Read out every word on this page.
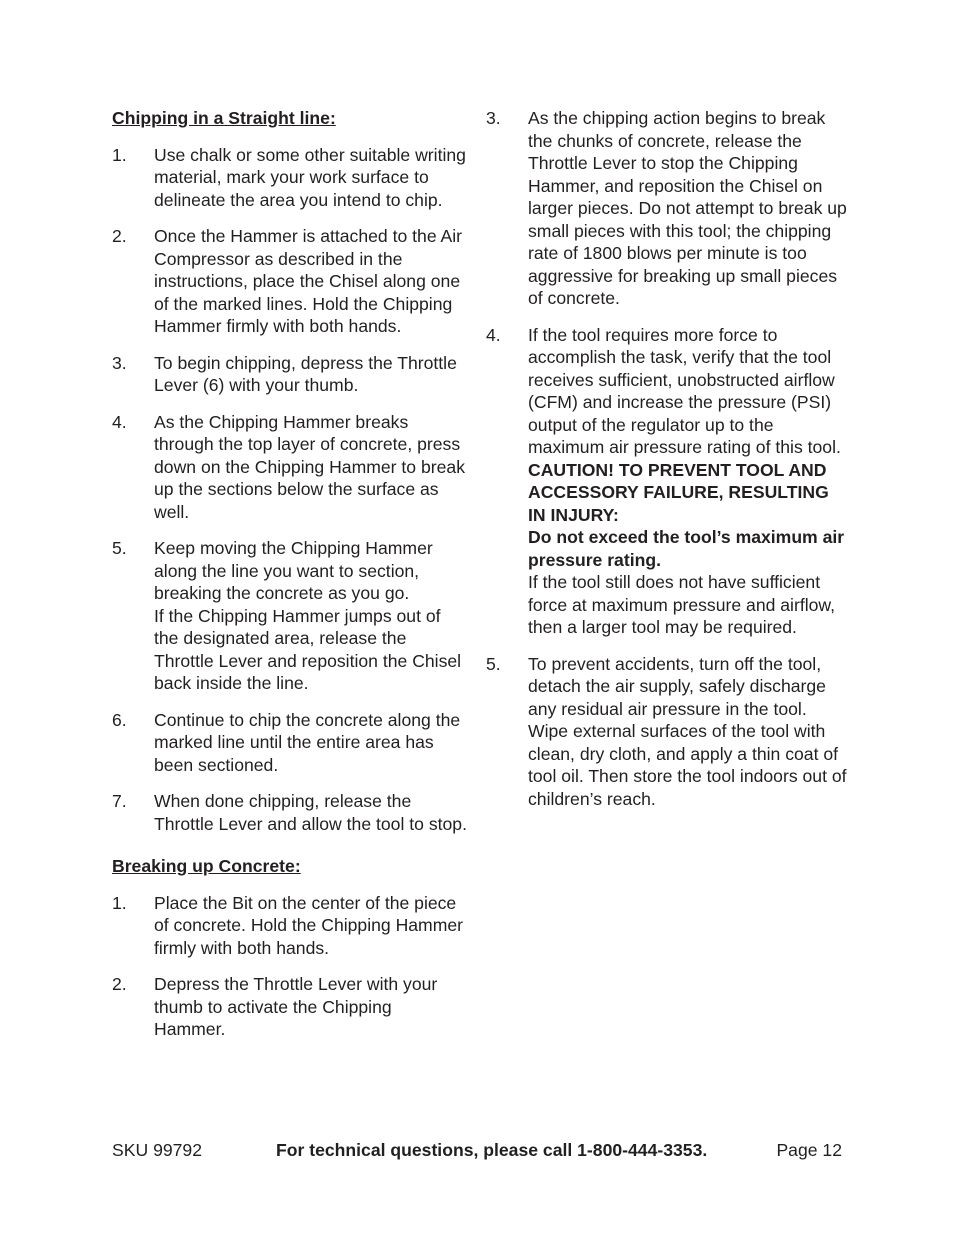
Chipping in a Straight line:

1. Use chalk or some other suitable writing material, mark your work surface to delineate the area you intend to chip.
2. Once the Hammer is attached to the Air Compressor as described in the instructions, place the Chisel along one of the marked lines. Hold the Chipping Hammer firmly with both hands.
3. To begin chipping, depress the Throttle Lever (6) with your thumb.
4. As the Chipping Hammer breaks through the top layer of concrete, press down on the Chipping Hammer to break up the sections below the surface as well.
5. Keep moving the Chipping Hammer along the line you want to section, breaking the concrete as you go.
If the Chipping Hammer jumps out of the designated area, release the Throttle Lever and reposition the Chisel back inside the line.
6. Continue to chip the concrete along the marked line until the entire area has been sectioned.
7. When done chipping, release the Throttle Lever and allow the tool to stop.

Breaking up Concrete:

1. Place the Bit on the center of the piece of concrete. Hold the Chipping Hammer firmly with both hands.
2. Depress the Throttle Lever with your thumb to activate the Chipping Hammer.
3. As the chipping action begins to break the chunks of concrete, release the Throttle Lever to stop the Chipping Hammer, and reposition the Chisel on larger pieces. Do not attempt to break up small pieces with this tool; the chipping rate of 1800 blows per minute is too aggressive for breaking up small pieces of concrete.
4. If the tool requires more force to accomplish the task, verify that the tool receives sufficient, unobstructed airflow (CFM) and increase the pressure (PSI) output of the regulator up to the maximum air pressure rating of this tool.
CAUTION! TO PREVENT TOOL AND ACCESSORY FAILURE, RESULTING IN INJURY:
Do not exceed the tool’s maximum air pressure rating.
If the tool still does not have sufficient force at maximum pressure and airflow, then a larger tool may be required.
5. To prevent accidents, turn off the tool, detach the air supply, safely discharge any residual air pressure in the tool. Wipe external surfaces of the tool with clean, dry cloth, and apply a thin coat of tool oil. Then store the tool indoors out of children’s reach.
SKU 99792	For technical questions, please call 1-800-444-3353.	Page 12
